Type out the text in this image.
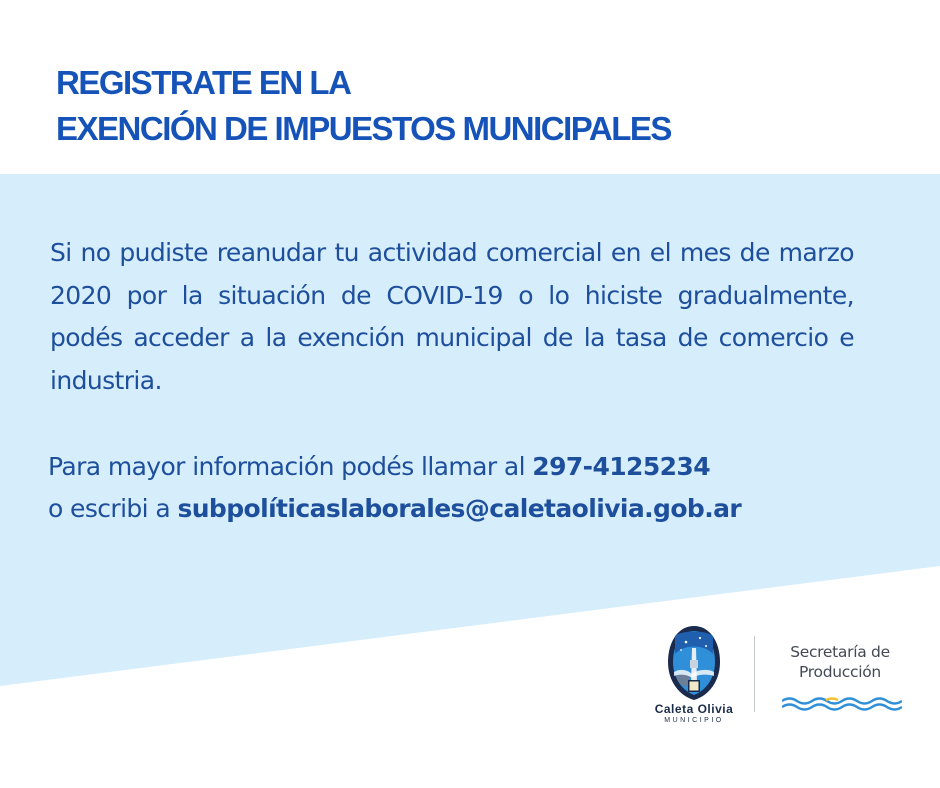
REGISTRATE EN LA
EXENCIÓN DE IMPUESTOS MUNICIPALES

Si no pudiste reanudar tu actividad comercial en el mes de marzo 2020 por la situación de COVID-19 o lo hiciste gradualmente, podés acceder a la exención municipal de la tasa de comercio e industria.

Para mayor información podés llamar al 297-4125234
o escribi a subpolíticaslaborales@caletaolivia.gob.ar

Caleta Olivia
MUNICIPIO

Secretaría de
Producción
